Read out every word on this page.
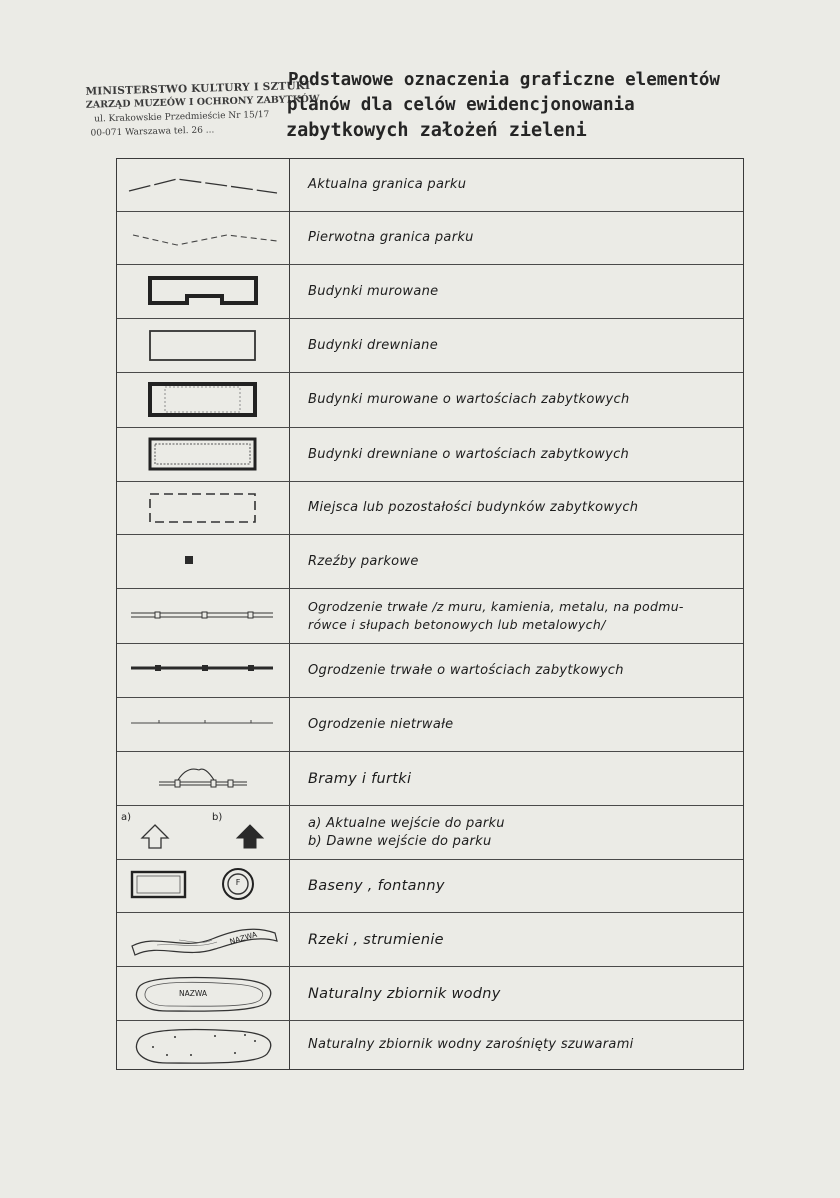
MINISTERSTWO KULTURY I SZTUKI
ZARZĄD MUZEÓW I OCHRONY ZABYTKÓW
ul. Krakowskie Przedmieście Nr 15/17
00-071 Warszawa tel. 26 ...
Podstawowe oznaczenia graficzne elementów
planów dla celów ewidencjonowania
zabytkowych założeń zieleni
Aktualna granica parku
Pierwotna granica parku
Budynki murowane
Budynki drewniane
Budynki murowane o wartościach zabytkowych
Budynki drewniane o wartościach zabytkowych
Miejsca lub pozostałości budynków zabytkowych
Rzeźby parkowe
Ogrodzenie trwałe /z muru, kamienia, metalu, na podmu-
rówce i słupach betonowych lub metalowych/
Ogrodzenie trwałe o wartościach zabytkowych
Ogrodzenie nietrwałe
Bramy i furtki
a)	b)	a) Aktualne wejście do parku
b) Dawne wejście do parku
F	Baseny , fontanny
NAZWA	Rzeki , strumienie
NAZWA	Naturalny zbiornik wodny
Naturalny zbiornik wodny zarośnięty szuwarami
